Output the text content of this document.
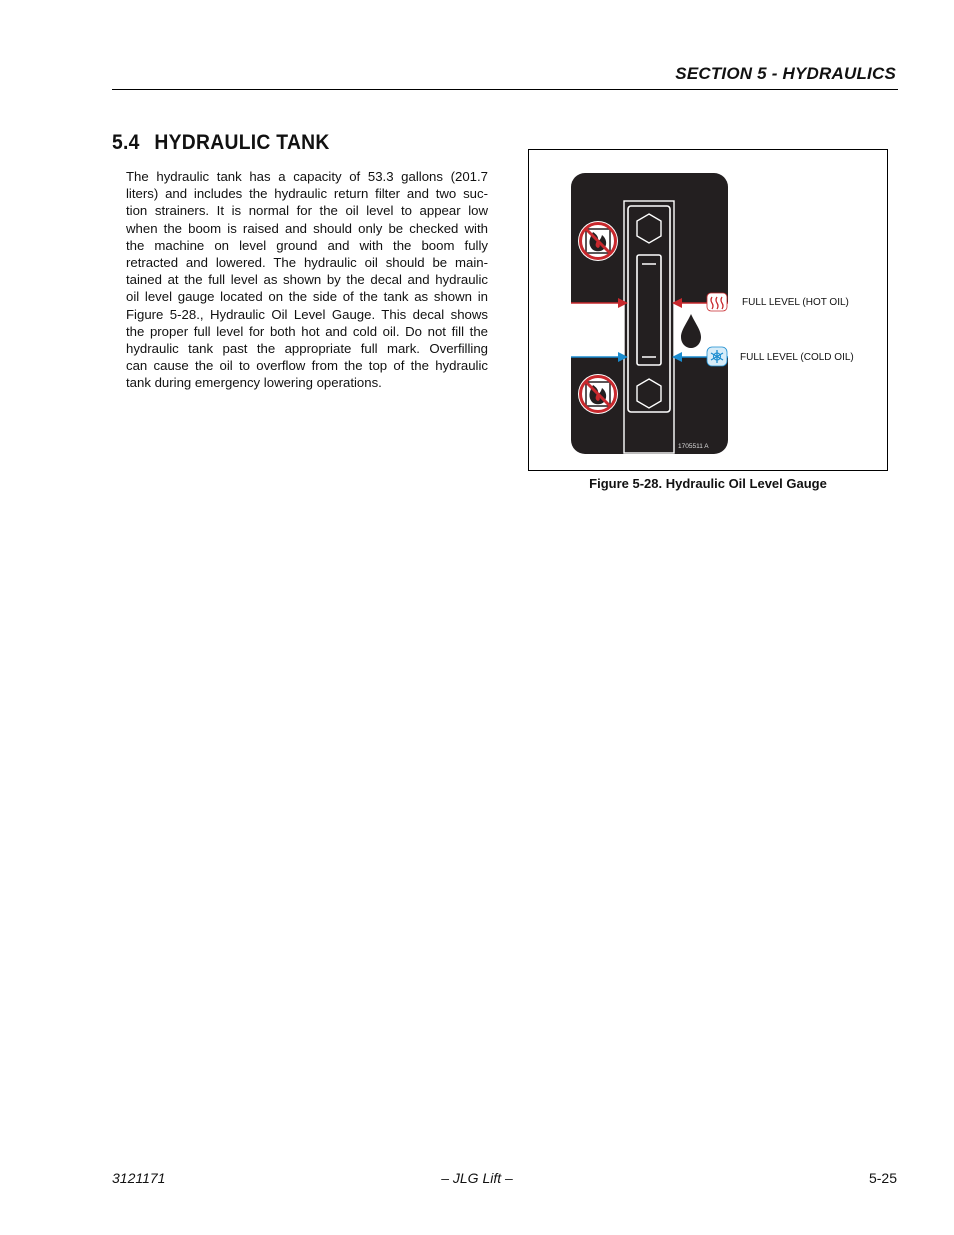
SECTION 5 - HYDRAULICS
5.4 HYDRAULIC TANK
The hydraulic tank has a capacity of 53.3 gallons (201.7
liters) and includes the hydraulic return filter and two suc-
tion strainers. It is normal for the oil level to appear low
when the boom is raised and should only be checked with
the machine on level ground and with the boom fully
retracted and lowered. The hydraulic oil should be main-
tained at the full level as shown by the decal and hydraulic
oil level gauge located on the side of the tank as shown in
Figure 5-28., Hydraulic Oil Level Gauge. This decal shows
the proper full level for both hot and cold oil. Do not fill the
hydraulic tank past the appropriate full mark. Overfilling
can cause the oil to overflow from the top of the hydraulic
tank during emergency lowering operations.
FULL LEVEL (HOT OIL)
FULL LEVEL (COLD OIL)
1705511 A
Figure 5-28. Hydraulic Oil Level Gauge
3121171	– JLG Lift –	5-25
